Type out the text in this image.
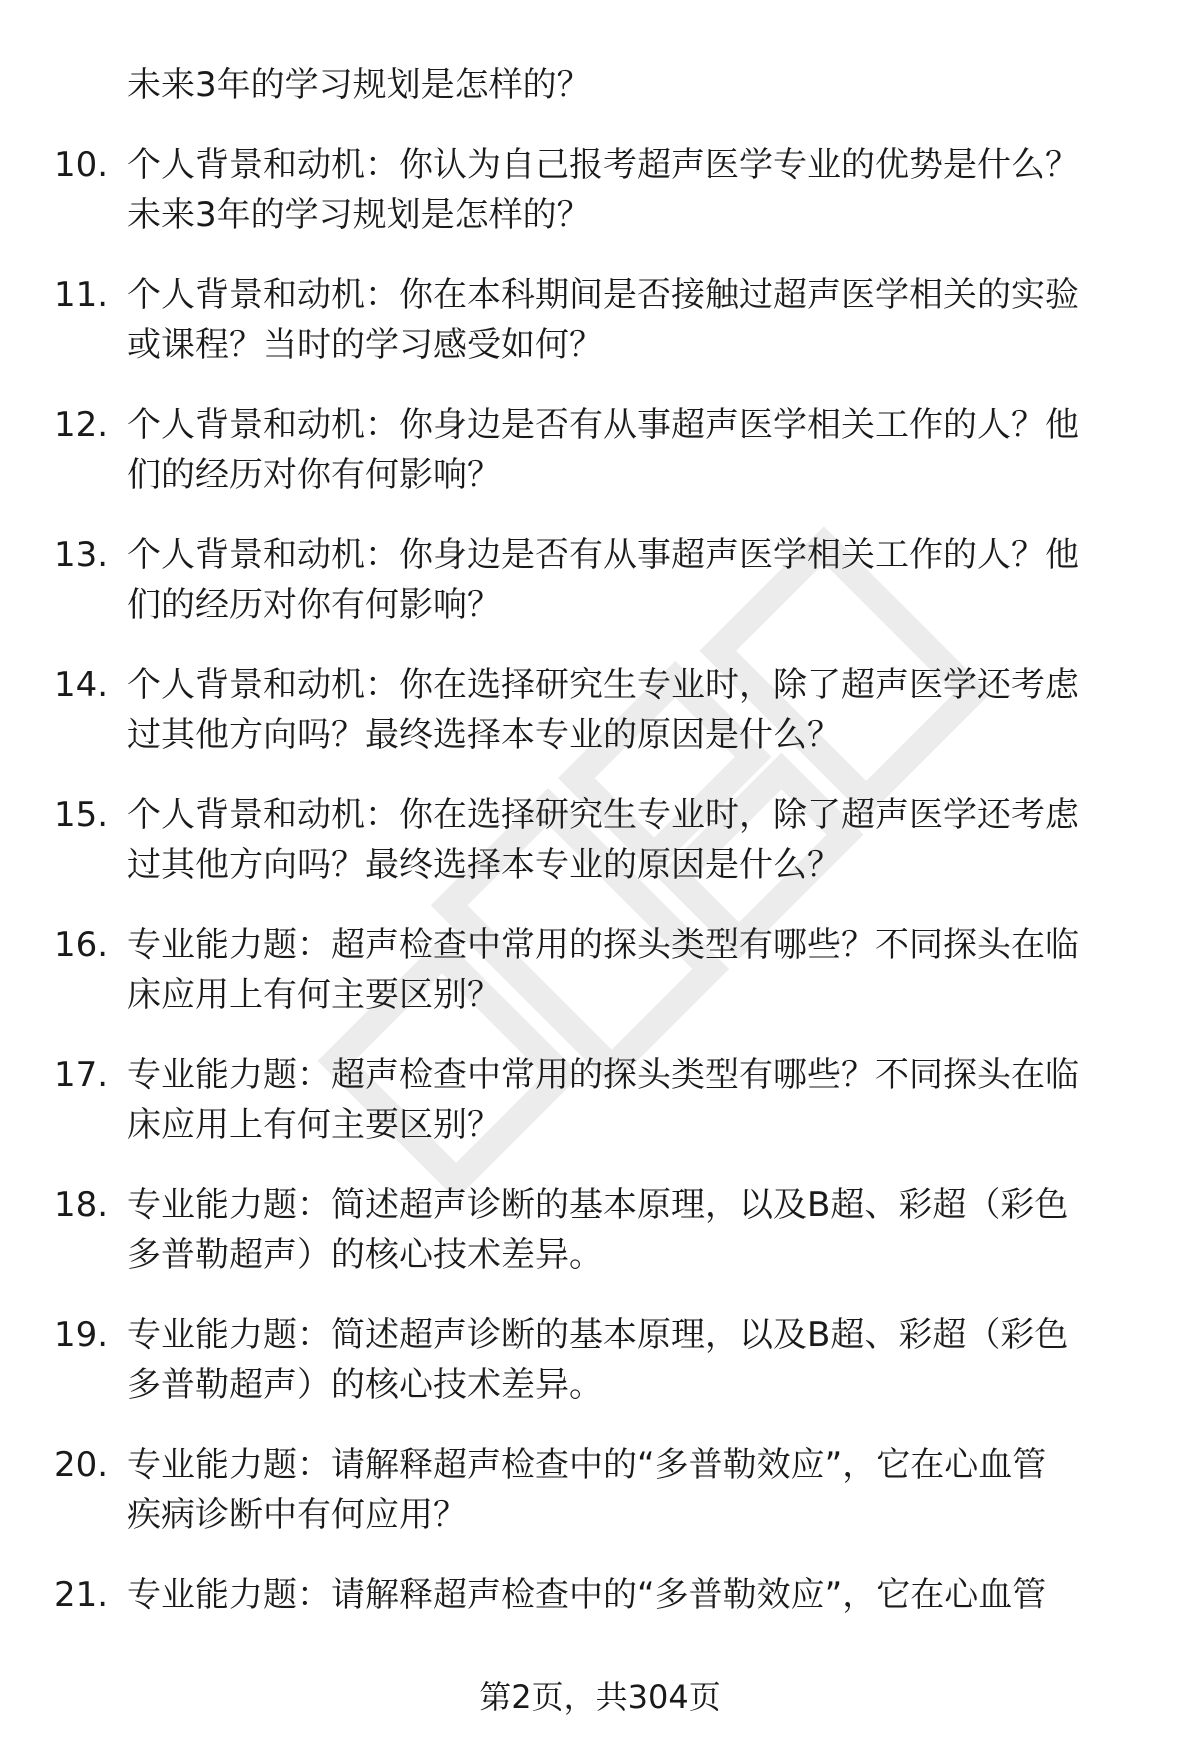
未来3年的学习规划是怎样的？

10. 个人背景和动机：你认为自己报考超声医学专业的优势是什么？
未来3年的学习规划是怎样的？
11. 个人背景和动机：你在本科期间是否接触过超声医学相关的实验
或课程？当时的学习感受如何？
12. 个人背景和动机：你身边是否有从事超声医学相关工作的人？他
们的经历对你有何影响？
13. 个人背景和动机：你身边是否有从事超声医学相关工作的人？他
们的经历对你有何影响？
14. 个人背景和动机：你在选择研究生专业时，除了超声医学还考虑
过其他方向吗？最终选择本专业的原因是什么？
15. 个人背景和动机：你在选择研究生专业时，除了超声医学还考虑
过其他方向吗？最终选择本专业的原因是什么？
16. 专业能力题：超声检查中常用的探头类型有哪些？不同探头在临
床应用上有何主要区别？
17. 专业能力题：超声检查中常用的探头类型有哪些？不同探头在临
床应用上有何主要区别？
18. 专业能力题：简述超声诊断的基本原理，以及B超、彩超（彩色
多普勒超声）的核心技术差异。
19. 专业能力题：简述超声诊断的基本原理，以及B超、彩超（彩色
多普勒超声）的核心技术差异。
20. 专业能力题：请解释超声检查中的“多普勒效应”，它在心血管
疾病诊断中有何应用？
21. 专业能力题：请解释超声检查中的“多普勒效应”，它在心血管
第2页，共304页
